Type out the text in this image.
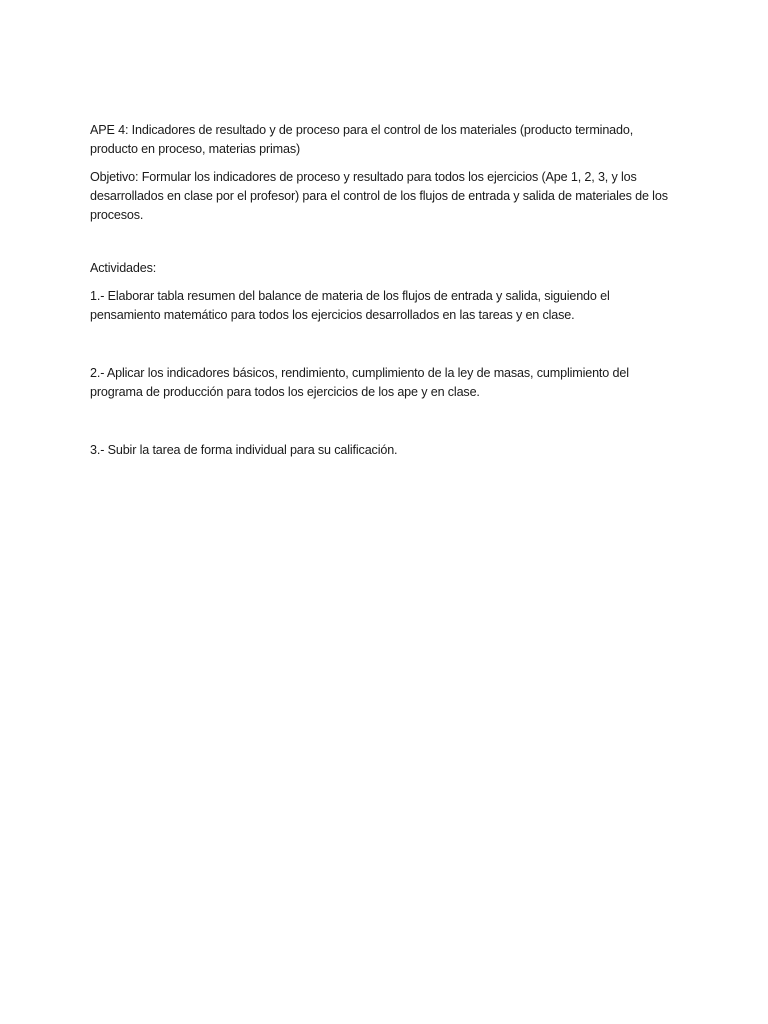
APE 4: Indicadores de resultado y de proceso para el control de los materiales (producto terminado, producto en proceso, materias primas)

Objetivo: Formular los indicadores de proceso y resultado para todos los ejercicios (Ape 1, 2, 3, y los desarrollados en clase por el profesor) para el control de los flujos de entrada y salida de materiales de los procesos.

Actividades:

1.- Elaborar tabla resumen del balance de materia de los flujos de entrada y salida, siguiendo el pensamiento matemático para todos los ejercicios desarrollados en las tareas y en clase.

2.- Aplicar los indicadores básicos, rendimiento, cumplimiento de la ley de masas, cumplimiento del programa de producción para todos los ejercicios de los ape y en clase.

3.- Subir la tarea de forma individual para su calificación.
